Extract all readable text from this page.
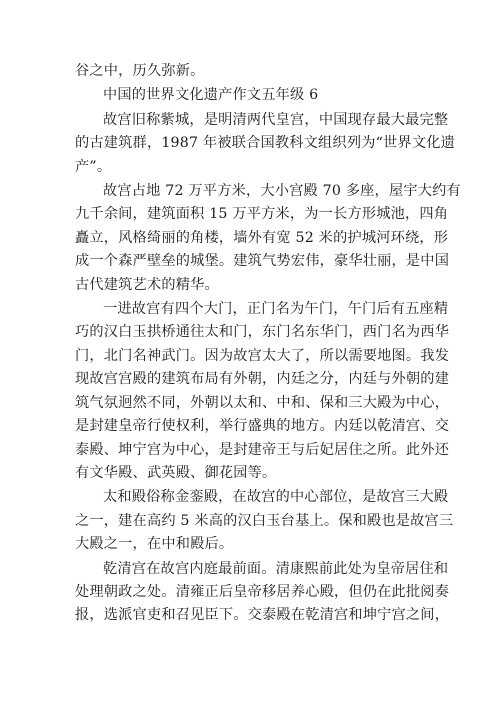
谷之中，历久弥新。
中国的世界文化遗产作文五年级 6
故宫旧称紫城，是明清两代皇宫，中国现存最大最完整
的古建筑群，1987 年被联合国教科文组织列为“世界文化遗
产”。
故宫占地 72 万平方米，大小宫殿 70 多座，屋宇大约有
九千余间，建筑面积 15 万平方米，为一长方形城池，四角
矗立，风格绮丽的角楼，墙外有宽 52 米的护城河环绕，形
成一个森严壁垒的城堡。建筑气势宏伟，豪华壮丽，是中国
古代建筑艺术的精华。
一进故宫有四个大门，正门名为午门，午门后有五座精
巧的汉白玉拱桥通往太和门，东门名东华门，西门名为西华
门，北门名神武门。因为故宫太大了，所以需要地图。我发
现故宫宫殿的建筑布局有外朝，内廷之分，内廷与外朝的建
筑气氛迥然不同，外朝以太和、中和、保和三大殿为中心，
是封建皇帝行使权利，举行盛典的地方。内廷以乾清宫、交
泰殿、坤宁宫为中心，是封建帝王与后妃居住之所。此外还
有文华殿、武英殿、御花园等。
太和殿俗称金銮殿，在故宫的中心部位，是故宫三大殿
之一，建在高约 5 米高的汉白玉台基上。保和殿也是故宫三
大殿之一，在中和殿后。
乾清宫在故宫内庭最前面。清康熙前此处为皇帝居住和
处理朝政之处。清雍正后皇帝移居养心殿，但仍在此批阅奏
报，选派官吏和召见臣下。交泰殿在乾清宫和坤宁宫之间，
